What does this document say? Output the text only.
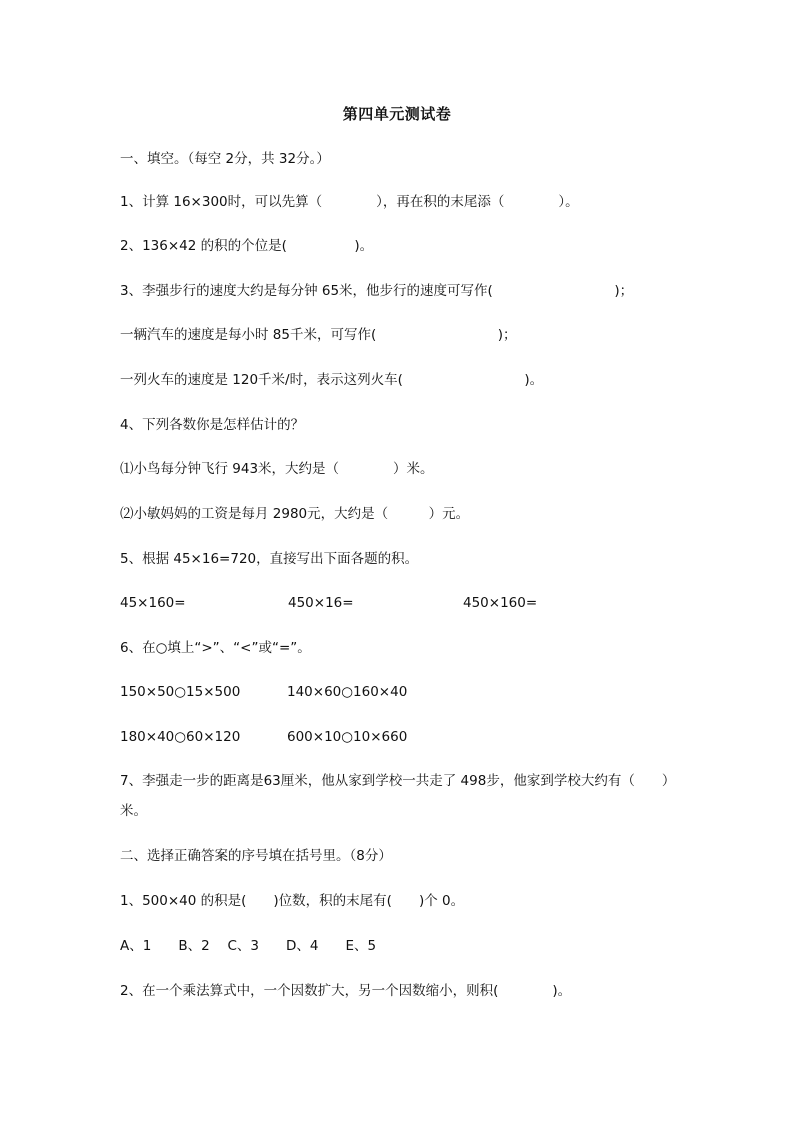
第四单元测试卷
一、填空。（每空 2分，共 32分。）
1、计算 16×300时，可以先算（　　　　），再在积的末尾添（　　　　）。
2、136×42 的积的个位是(　　　　　)。
3、李强步行的速度大约是每分钟 65米，他步行的速度可写作(　　　　　　　　　)；
一辆汽车的速度是每小时 85千米，可写作(　　　　　　　　　)；
一列火车的速度是 120千米/时，表示这列火车(　　　　　　　　　)。
4、下列各数你是怎样估计的？
⑴小鸟每分钟飞行 943米，大约是（　　　　）米。
⑵小敏妈妈的工资是每月 2980元，大约是（　　　）元。
5、根据 45×16=720，直接写出下面各题的积。
45×160=	450×16=	450×160=
6、在○填上“>”、“<”或“=”。
150×50○15×500	140×60○160×40
180×40○60×120	600×10○10×660
7、李强走一步的距离是63厘米，他从家到学校一共走了 498步，他家到学校大约有（　　）
米。
二、选择正确答案的序号填在括号里。（8分）
1、500×40 的积是(　　)位数，积的末尾有(　　)个 0。
A、1　　B、2　 C、3　　D、4　　E、5
2、在一个乘法算式中，一个因数扩大，另一个因数缩小，则积(　　　　)。
